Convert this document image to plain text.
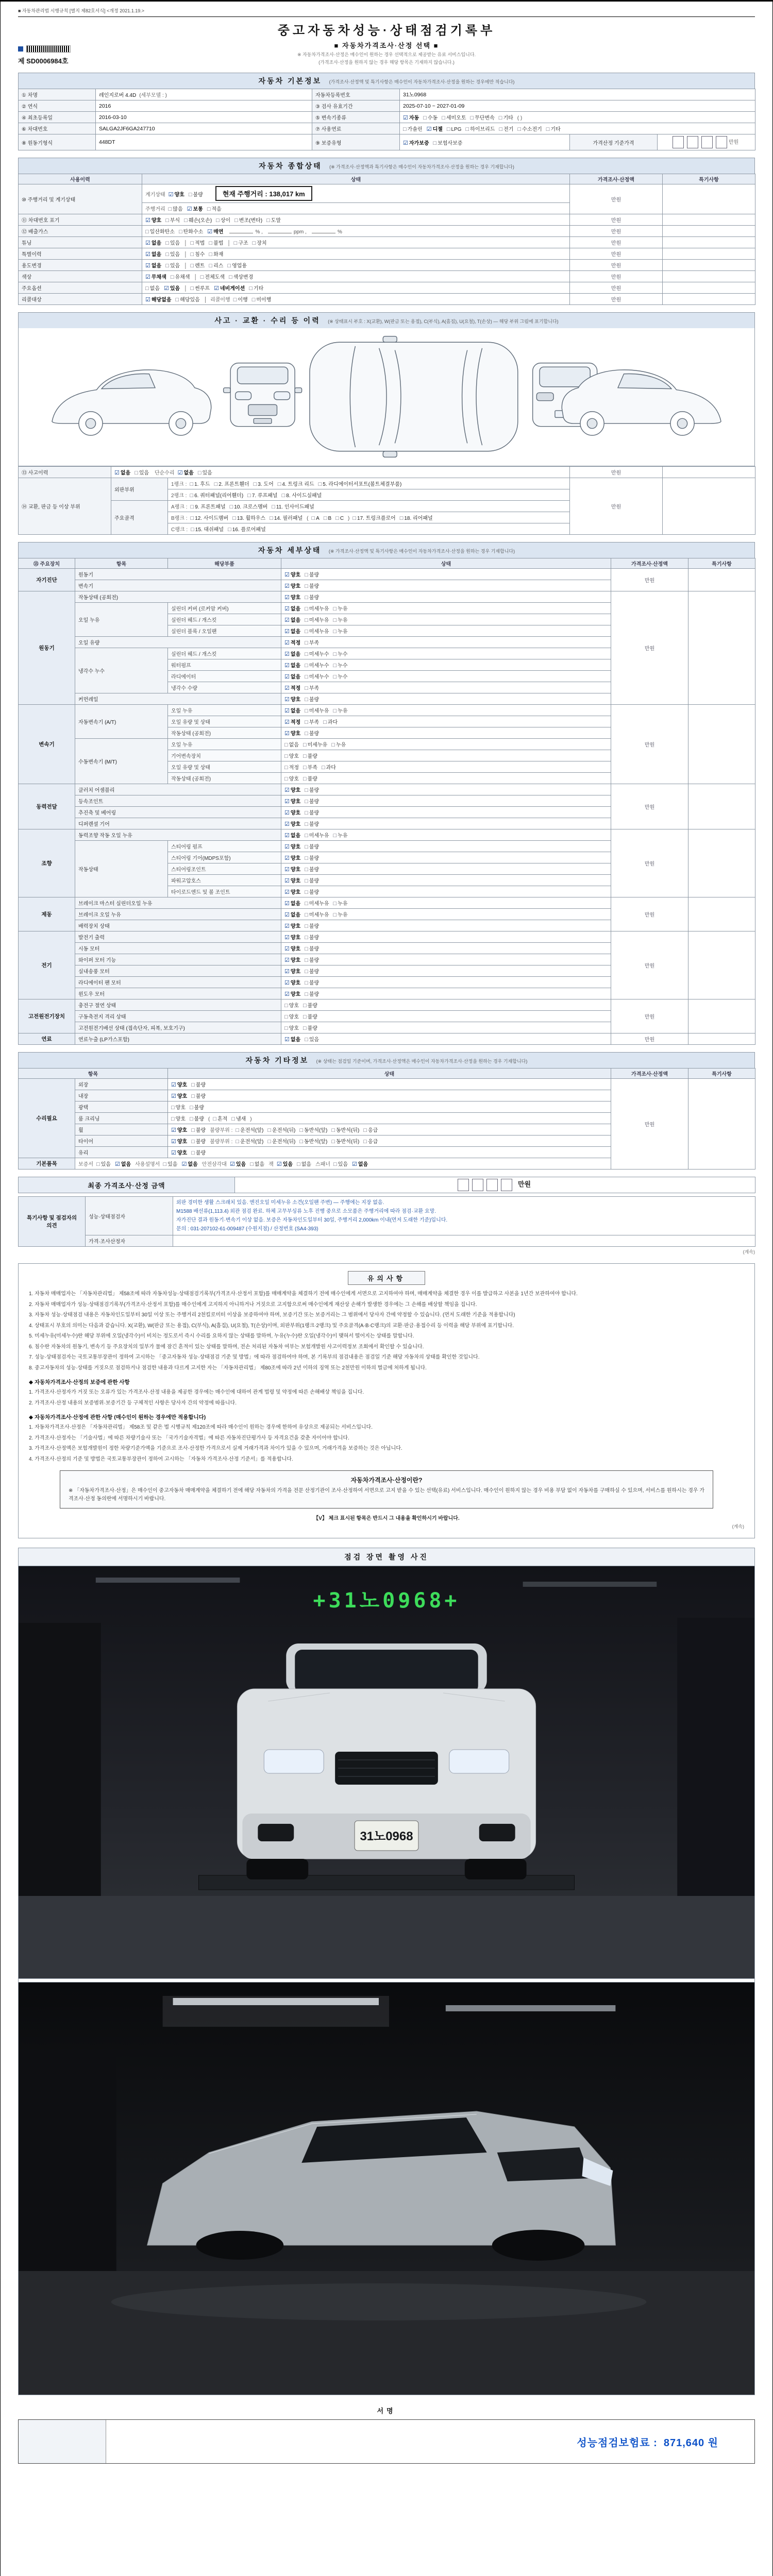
■ 자동차관리법 시행규칙 [별지 제82호서식] <개정 2021.1.19.>
제 SD0006984호
중고자동차성능·상태점검기록부
■ 자동차가격조사·산정 선택 ■
※ 자동차가격조사·산정은 매수인이 원하는 경우 선택적으로 제공받는 유료 서비스입니다.
(가격조사·산정을 원하지 않는 경우 해당 항목은 기재하지 않습니다.)
자동차 기본정보 (가격조사·산정액 및 특기사항은 매수인이 자동차가격조사·산정을 원하는 경우에만 적습니다)
① 차명	레인지로버 4.4D (세부모델 : )	자동차등록번호	31노0968		
② 연식	2016	③ 검사 유효기간	2025-07-10 ~ 2027-01-09		
④ 최초등록일	2016-03-10	⑤ 변속기종류	☑ 자동 □ 수동 □ 세미오토 □ 무단변속 □ 기타 ( )		
⑥ 차대번호	SALGA2JF6GA247710	⑦ 사용연료	□ 가솔린 ☑ 디젤 □ LPG □ 하이브리드 □ 전기 □ 수소전기 □ 기타		
⑧ 원동기형식	448DT	⑨ 보증유형	☑ 자가보증 □ 보험사보증	가격산정 기준가격	만원
자동차 종합상태 (※ 가격조사·산정액과 특기사항은 매수인이 자동차가격조사·산정을 원하는 경우 기재합니다)
사용이력	상태	가격조사·산정액	특기사항
⑩ 주행거리 및 계기상태	계기상태 ☑ 양호 □ 불량 현재 주행거리 : 138,017 km	만원	
	주행거리 □ 많음 ☑ 보통 □ 적음		
⑪ 차대번호 표기	☑ 양호 □ 부식 □ 훼손(오손) □ 상이 □ 변조(변타) □ 도말	만원	
⑫ 배출가스	□ 일산화탄소 □ 탄화수소 ☑ 매연 % , ppm , %	만원	
튜닝	☑ 없음 □ 있음 │ □ 적법 □ 불법 │ □ 구조 □ 장치	만원	
특별이력	☑ 없음 □ 있음 │ □ 침수 □ 화재	만원	
용도변경	☑ 없음 □ 있음 │ □ 렌트 □ 리스 □ 영업용	만원	
색상	☑ 무채색 □ 유채색 │ □ 전체도색 □ 색상변경	만원	
주요옵션	□ 없음 ☑ 있음 │ □ 썬루프 ☑ 네비게이션 □ 기타	만원	
리콜대상	☑ 해당없음 □ 해당있음 │ 리콜이행 □ 이행 □ 미이행	만원	
사고 · 교환 · 수리 등 이력 (※ 상태표시 부호 : X(교환), W(판금 또는 용접), C(부식), A(흠집), U(요철), T(손상) — 해당 부위 그림에 표기합니다)
⑬ 사고이력	☑ 없음 □ 있음 단순수리 ☑ 없음 □ 있음		만원	
⑭ 교환, 판금 등 이상 부위	외판부위	1랭크 : □ 1. 후드 □ 2. 프론트휀더 □ 3. 도어 □ 4. 트렁크 리드 □ 5. 라디에이터서포트(볼트체결부품)	만원	
		2랭크 : □ 6. 쿼터패널(리어휀더) □ 7. 루프패널 □ 8. 사이드실패널		
	주요골격	A랭크 : □ 9. 프론트패널 □ 10. 크로스멤버 □ 11. 인사이드패널		
		B랭크 : □ 12. 사이드멤버 □ 13. 휠하우스 □ 14. 필러패널 ( □ A □ B □ C ) □ 17. 트렁크플로어 □ 18. 리어패널		
		C랭크 : □ 15. 대쉬패널 □ 16. 플로어패널		
자동차 세부상태 (※ 가격조사·산정액 및 특기사항은 매수인이 자동차가격조사·산정을 원하는 경우 기재합니다)
⑮ 주요장치	항목	해당부품	상태	가격조사·산정액	특기사항
자기진단	원동기		☑ 양호 □ 불량	만원	
	변속기		☑ 양호 □ 불량		
원동기	작동상태 (공회전)		☑ 양호 □ 불량	만원	
	오일 누유	실린더 커버 (로커암 커버)	☑ 없음 □ 미세누유 □ 누유		
		실린더 헤드 / 개스킷	☑ 없음 □ 미세누유 □ 누유		
		실린더 블록 / 오일팬	☑ 없음 □ 미세누유 □ 누유		
	오일 유량		☑ 적정 □ 부족		
	냉각수 누수	실린더 헤드 / 개스킷	☑ 없음 □ 미세누수 □ 누수		
		워터펌프	☑ 없음 □ 미세누수 □ 누수		
		라디에이터	☑ 없음 □ 미세누수 □ 누수		
		냉각수 수량	☑ 적정 □ 부족		
	커먼레일		☑ 양호 □ 불량		
변속기	자동변속기 (A/T)	오일 누유	☑ 없음 □ 미세누유 □ 누유	만원	
		오일 유량 및 상태	☑ 적정 □ 부족 □ 과다		
		작동상태 (공회전)	☑ 양호 □ 불량		
	수동변속기 (M/T)	오일 누유	□ 없음 □ 미세누유 □ 누유		
		기어변속장치	□ 양호 □ 불량		
		오일 유량 및 상태	□ 적정 □ 부족 □ 과다		
		작동상태 (공회전)	□ 양호 □ 불량		
동력전달	클러치 어셈블리		☑ 양호 □ 불량	만원	
	등속조인트		☑ 양호 □ 불량		
	추진축 및 베어링		☑ 양호 □ 불량		
	디퍼렌셜 기어		☑ 양호 □ 불량		
조향	동력조향 작동 오일 누유		☑ 없음 □ 미세누유 □ 누유	만원	
	작동상태	스티어링 펌프	☑ 양호 □ 불량		
		스티어링 기어(MDPS포함)	☑ 양호 □ 불량		
		스티어링조인트	☑ 양호 □ 불량		
		파워고압호스	☑ 양호 □ 불량		
		타이로드엔드 및 볼 조인트	☑ 양호 □ 불량		
제동	브레이크 마스터 실린더오일 누유		☑ 없음 □ 미세누유 □ 누유	만원	
	브레이크 오일 누유		☑ 없음 □ 미세누유 □ 누유		
	배력장치 상태		☑ 양호 □ 불량		
전기	발전기 출력		☑ 양호 □ 불량	만원	
	시동 모터		☑ 양호 □ 불량		
	와이퍼 모터 기능		☑ 양호 □ 불량		
	실내송풍 모터		☑ 양호 □ 불량		
	라디에이터 팬 모터		☑ 양호 □ 불량		
	윈도우 모터		☑ 양호 □ 불량		
고전원전기장치	충전구 절연 상태		□ 양호 □ 불량	만원	
	구동축전지 격리 상태		□ 양호 □ 불량		
	고전원전기배선 상태 (접속단자, 피복, 보호기구)		□ 양호 □ 불량		
연료	연료누출 (LP가스포함)		☑ 없음 □ 있음	만원	
자동차 기타정보 (※ 상태는 점검일 기준이며, 가격조사·산정액은 매수인이 자동차가격조사·산정을 원하는 경우 기재합니다)
항목		상태	가격조사·산정액	특기사항
수리필요	외장	☑ 양호 □ 불량	만원	
	내장	☑ 양호 □ 불량		
	광택	□ 양호 □ 불량		
	룸 크리닝	□ 양호 □ 불량 ( □ 흔적 □ 냄새 )		
	휠	☑ 양호 □ 불량 불량부위 : □ 운전석(앞) □ 운전석(뒤) □ 동반석(앞) □ 동반석(뒤) □ 응급		
	타이어	☑ 양호 □ 불량 불량부위 : □ 운전석(앞) □ 운전석(뒤) □ 동반석(앞) □ 동반석(뒤) □ 응급		
	유리	☑ 양호 □ 불량		
기본품목	보증서 □ 있음 ☑ 없음 사용설명서 □ 있음 ☑ 없음 안전삼각대 ☑ 있음 □ 없음 잭 ☑ 있음 □ 없음 스패너 □ 있음 ☑ 없음			
최종 가격조사·산정 금액	만원
특기사항 및 점검자의 의견	성능·상태점검자	외판 경미한 생활 스크래치 있음. 엔진오일 미세누유 소견(오일팬 주변) — 주행에는 지장 없음.
M1588 배선류(1,113.4) 외관 점검 완료. 하체 고무부싱류 노후 진행 중으로 소모품은 주행거리에 따라 점검·교환 요망.
자가진단 결과 원동기·변속기 이상 없음. 보증은 자동차인도일부터 30일, 주행거리 2,000km 이내(먼저 도래한 기준)입니다.
문의 : 031-207102-61-009487 (수원지점) / 산정번호 (SA4-393)
	가격·조사산정자	
(계속)
유의사항
1. 자동차 매매업자는 「자동차관리법」 제58조에 따라 자동차성능·상태점검기록부(가격조사·산정서 포함)를 매매계약을 체결하기 전에 매수인에게 서면으로 고지하여야 하며, 매매계약을 체결한 경우 이를 발급하고 사본을 1년간 보관하여야 합니다.
2. 자동차 매매업자가 성능·상태점검기록부(가격조사·산정서 포함)를 매수인에게 고지하지 아니하거나 거짓으로 고지함으로써 매수인에게 재산상 손해가 발생한 경우에는 그 손해를 배상할 책임을 집니다.
3. 자동차 성능·상태점검 내용은 자동차인도일부터 30일 이상 또는 주행거리 2천킬로미터 이상을 보증하여야 하며, 보증기간 또는 보증거리는 그 범위에서 당사자 간에 약정할 수 있습니다. (먼저 도래한 기준을 적용합니다)
4. 상태표시 부호의 의미는 다음과 같습니다. X(교환), W(판금 또는 용접), C(부식), A(흠집), U(요철), T(손상)이며, 외판부위(1랭크·2랭크) 및 주요골격(A·B·C랭크)의 교환·판금·용접수리 등 이력을 해당 부위에 표기합니다.
5. 미세누유(미세누수)란 해당 부위에 오일(냉각수)이 비치는 정도로서 즉시 수리를 요하지 않는 상태를 말하며, 누유(누수)란 오일(냉각수)이 맺혀서 떨어지는 상태를 말합니다.
6. 침수란 자동차의 원동기, 변속기 등 주요장치의 일부가 물에 잠긴 흔적이 있는 상태를 말하며, 전손 처리된 자동차 여부는 보험개발원 사고이력정보 조회에서 확인할 수 있습니다.
7. 성능·상태점검자는 국토교통부장관이 정하여 고시하는 「중고자동차 성능·상태점검 기준 및 방법」에 따라 점검하여야 하며, 본 기록부의 점검내용은 점검일 기준 해당 자동차의 상태를 확인한 것입니다.
8. 중고자동차의 성능·상태를 거짓으로 점검하거나 점검한 내용과 다르게 고지한 자는 「자동차관리법」 제80조에 따라 2년 이하의 징역 또는 2천만원 이하의 벌금에 처하게 됩니다.
◆ 자동차가격조사·산정의 보증에 관한 사항
1. 가격조사·산정자가 거짓 또는 오류가 있는 가격조사·산정 내용을 제공한 경우에는 매수인에 대하여 관계 법령 및 약정에 따른 손해배상 책임을 집니다.
2. 가격조사·산정 내용의 보증범위·보증기간 등 구체적인 사항은 당사자 간의 약정에 따릅니다.
◆ 자동차가격조사·산정에 관한 사항 (매수인이 원하는 경우에만 적용합니다)
1. 자동차가격조사·산정은 「자동차관리법」 제58조 및 같은 법 시행규칙 제120조에 따라 매수인이 원하는 경우에 한하여 유상으로 제공되는 서비스입니다.
2. 가격조사·산정자는 「기술사법」에 따른 차량기술사 또는 「국가기술자격법」에 따른 자동차진단평가사 등 자격요건을 갖춘 자이어야 합니다.
3. 가격조사·산정액은 보험개발원이 정한 차량기준가액을 기준으로 조사·산정한 가격으로서 실제 거래가격과 차이가 있을 수 있으며, 거래가격을 보증하는 것은 아닙니다.
4. 가격조사·산정의 기준 및 방법은 국토교통부장관이 정하여 고시하는 「자동차 가격조사·산정 기준서」를 적용합니다.
자동차가격조사·산정이란?
※ 「자동차가격조사·산정」은 매수인이 중고자동차 매매계약을 체결하기 전에 해당 자동차의 가격을 전문 산정기관이 조사·산정하여 서면으로 고지 받을 수 있는 선택(유료) 서비스입니다. 매수인이 원하지 않는 경우 비용 부담 없이 자동차를 구매하실 수 있으며, 서비스를 원하시는 경우 가격조사·산정 동의란에 서명하시기 바랍니다.
【V】 체크 표시된 항목은 반드시 그 내용을 확인하시기 바랍니다.
(계속)
점검 장면 촬영 사진
+31노0968+
31노0968
서명
성능점검보험료 : 871,640 원
